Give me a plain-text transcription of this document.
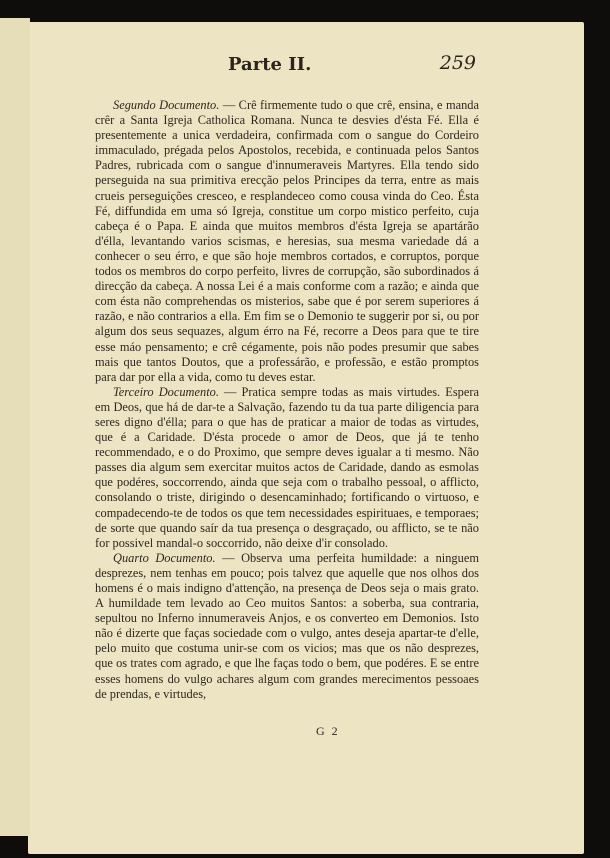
Parte II.	259

Segundo Documento. — Crê firmemente tudo o que crê, ensina, e manda crêr a Santa Igreja Catholica Romana. Nunca te desvies d'ésta Fé. Ella é presentemente a unica verdadeira, confirmada com o sangue do Cordeiro immaculado, prégada pelos Apostolos, recebida, e continuada pelos Santos Padres, rubricada com o sangue d'innumeraveis Martyres. Ella tendo sido perseguida na sua primitiva erecção pelos Principes da terra, entre as mais crueis perseguições cresceo, e resplandeceo como cousa vinda do Ceo. Ésta Fé, diffundida em uma só Igreja, constitue um corpo mistico perfeito, cuja cabeça é o Papa. E ainda que muitos membros d'ésta Igreja se apartárão d'élla, levantando varios scismas, e heresias, sua mesma variedade dá a conhecer o seu érro, e que são hoje membros cortados, e corruptos, porque todos os membros do corpo perfeito, livres de corrupção, são subordinados á direcção da cabeça. A nossa Lei é a mais conforme com a razão; e ainda que com ésta não comprehendas os misterios, sabe que é por serem superiores á razão, e não contrarios a ella. Em fim se o Demonio te suggerir por si, ou por algum dos seus sequazes, algum érro na Fé, recorre a Deos para que te tire esse máo pensamento; e crê cégamente, pois não podes presumir que sabes mais que tantos Doutos, que a professárão, e professão, e estão promptos para dar por ella a vida, como tu deves estar.

Terceiro Documento. — Pratica sempre todas as mais virtudes. Espera em Deos, que há de dar-te a Salvação, fazendo tu da tua parte diligencia para seres digno d'élla; para o que has de praticar a maior de todas as virtudes, que é a Caridade. D'ésta procede o amor de Deos, que já te tenho recommendado, e o do Proximo, que sempre deves igualar a ti mesmo. Não passes dia algum sem exercitar muitos actos de Caridade, dando as esmolas que podéres, soccorrendo, ainda que seja com o trabalho pessoal, o afflicto, consolando o triste, dirigindo o desencaminhado; fortificando o virtuoso, e compadecendo-te de todos os que tem necessidades espirituaes, e temporaes; de sorte que quando saír da tua presença o desgraçado, ou afflicto, se te não for possivel mandal-o soccorrido, não deixe d'ir consolado.

Quarto Documento. — Observa uma perfeita humildade: a ninguem desprezes, nem tenhas em pouco; pois talvez que aquelle que nos olhos dos homens é o mais indigno d'attenção, na presença de Deos seja o mais grato. A humildade tem levado ao Ceo muitos Santos: a soberba, sua contraria, sepultou no Inferno innumeraveis Anjos, e os converteo em Demonios. Isto não é dizerte que faças sociedade com o vulgo, antes deseja apartar-te d'elle, pelo muito que costuma unir-se com os vicios; mas que os não desprezes, que os trates com agrado, e que lhe faças todo o bem, que podéres. E se entre esses homens do vulgo achares algum com grandes merecimentos pessoaes de prendas, e virtudes,

G 2
